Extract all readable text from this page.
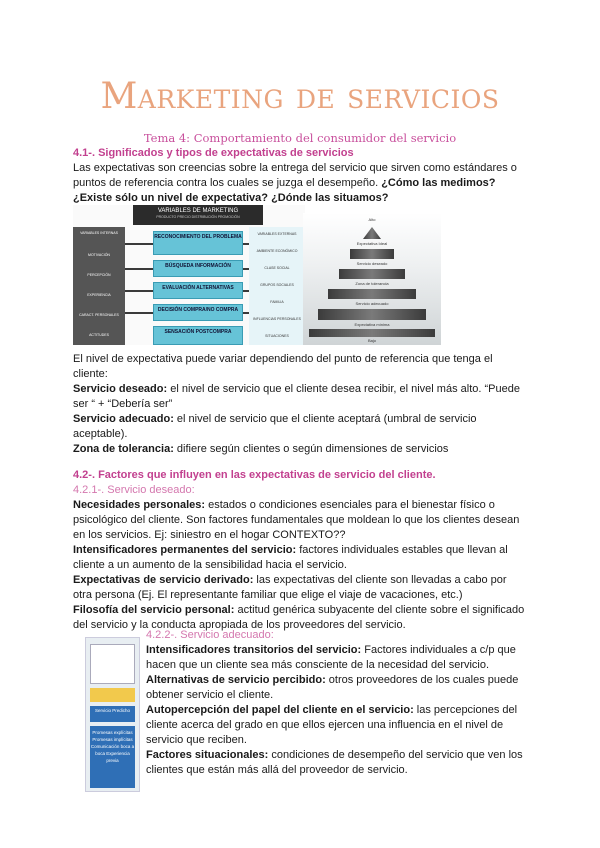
Marketing de servicios
Tema 4: Comportamiento del consumidor del servicio
4.1-. Significados y tipos de expectativas de servicios
Las expectativas son creencias sobre la entrega del servicio que sirven como estándares o
puntos de referencia contra los cuales se juzga el desempeño. ¿Cómo las medimos?
¿Existe sólo un nivel de expectativa? ¿Dónde las situamos?
VARIABLES DE MARKETING
PRODUCTO PRECIO DISTRIBUCIÓN PROMOCIÓN
VARIABLES INTERNAS
MOTIVACIÓN
PERCEPCIÓN
EXPERIENCIA
CARACT. PERSONALES
ACTITUDES
RECONOCIMIENTO DEL PROBLEMA
BÚSQUEDA INFORMACIÓN
EVALUACIÓN ALTERNATIVAS
DECISIÓN COMPRA/NO COMPRA
SENSACIÓN POSTCOMPRA
VARIABLES EXTERNAS
AMBIENTE ECONÓMICO
CLASE SOCIAL
GRUPOS SOCIALES
FAMILIA
INFLUENCIAS PERSONALES
SITUACIONES
Alto
Expectativa Ideal
Servicio deseado
Zona de tolerancia
Servicio adecuado
Expectativa mínima
Bajo
El nivel de expectativa puede variar dependiendo del punto de referencia que tenga el
cliente:
Servicio deseado: el nivel de servicio que el cliente desea recibir, el nivel más alto. “Puede
ser “ + “Debería ser”
Servicio adecuado: el nivel de servicio que el cliente aceptará (umbral de servicio
aceptable).
Zona de tolerancia: difiere según clientes o según dimensiones de servicios
4.2-. Factores que influyen en las expectativas de servicio del cliente.
4.2.1-. Servicio deseado:
Necesidades personales: estados o condiciones esenciales para el bienestar físico o
psicológico del cliente. Son factores fundamentales que moldean lo que los clientes desean
en los servicios. Ej: siniestro en el hogar CONTEXTO??
Intensificadores permanentes del servicio: factores individuales estables que llevan al
cliente a un aumento de la sensibilidad hacia el servicio.
Expectativas de servicio derivado: las expectativas del cliente son llevadas a cabo por
otra persona (Ej. El representante familiar que elige el viaje de vacaciones, etc.)
Filosofía del servicio personal: actitud genérica subyacente del cliente sobre el significado
del servicio y la conducta apropiada de los proveedores del servicio.
Servicio Predicho
Promesas explícitas Promesas implícitas Comunicación boca a boca Experiencia previa
4.2.2-. Servicio adecuado:
Intensificadores transitorios del servicio: Factores individuales a c/p que
hacen que un cliente sea más consciente de la necesidad del servicio.
Alternativas de servicio percibido: otros proveedores de los cuales puede
obtener servicio el cliente.
Autopercepción del papel del cliente en el servicio: las percepciones del
cliente acerca del grado en que ellos ejercen una influencia en el nivel de
servicio que reciben.
Factores situacionales: condiciones de desempeño del servicio que ven los
clientes que están más allá del proveedor de servicio.
